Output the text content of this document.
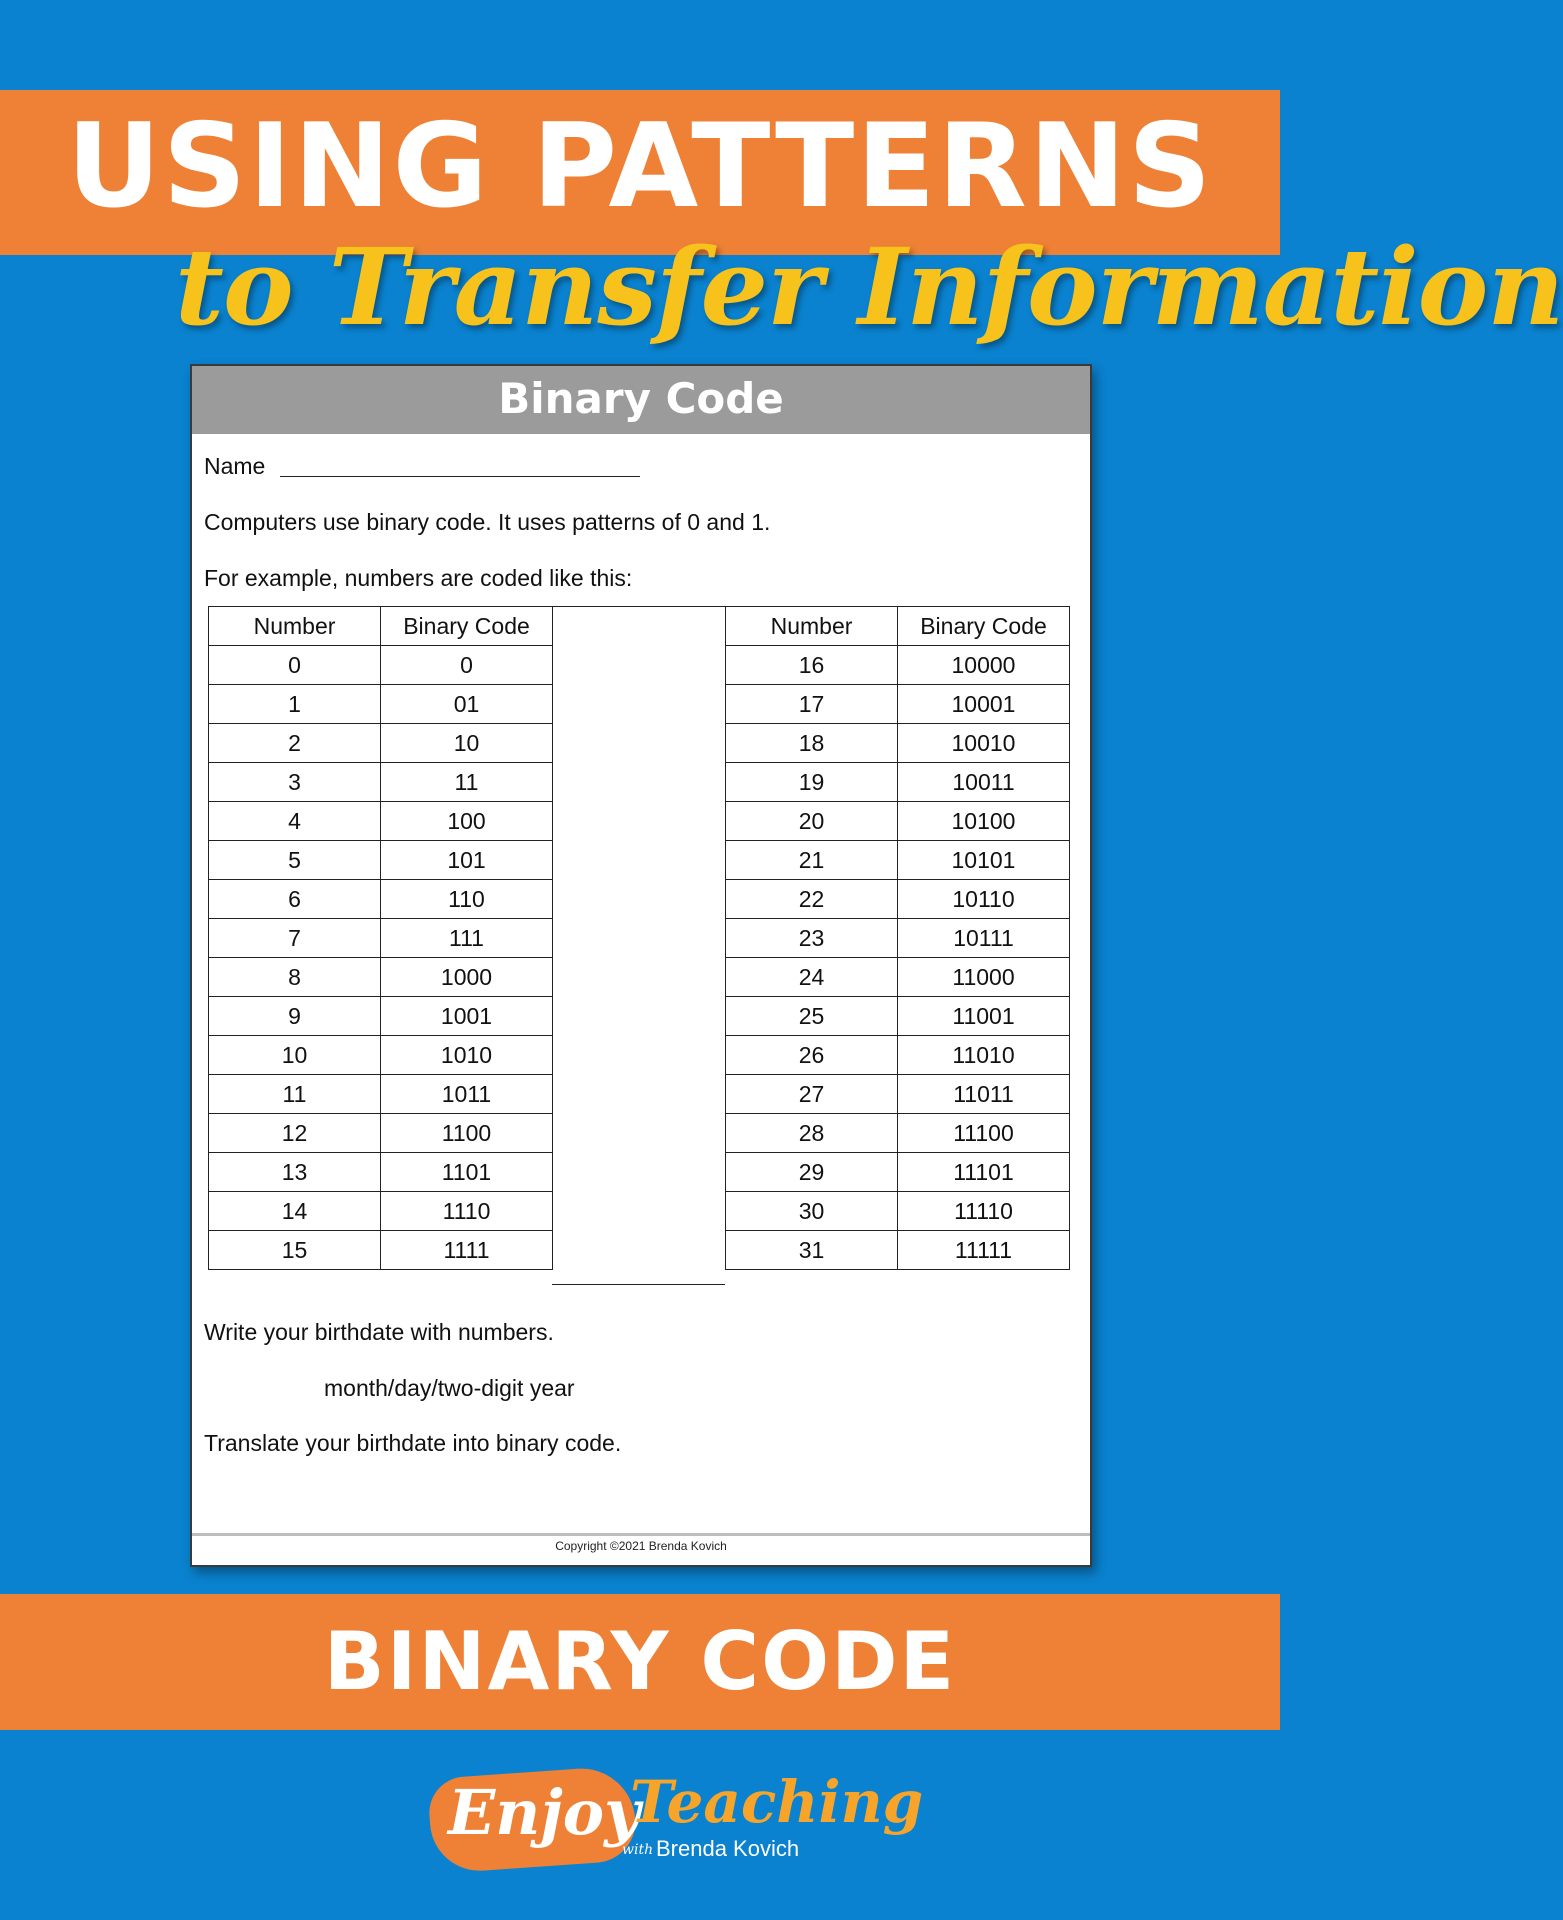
USING PATTERNS
to Transfer Information
Binary Code
Name
Computers use binary code. It uses patterns of 0 and 1.
For example, numbers are coded like this:
Number	Binary Code
0	0
1	01
2	10
3	11
4	100
5	101
6	110
7	111
8	1000
9	1001
10	1010
11	1011
12	1100
13	1101
14	1110
15	1111
Number	Binary Code
16	10000
17	10001
18	10010
19	10011
20	10100
21	10101
22	10110
23	10111
24	11000
25	11001
26	11010
27	11011
28	11100
29	11101
30	11110
31	11111
Write your birthdate with numbers.
month/day/two-digit year
Translate your birthdate into binary code.
Copyright ©2021 Brenda Kovich
BINARY CODE
Enjoy
Teaching
with Brenda Kovich
